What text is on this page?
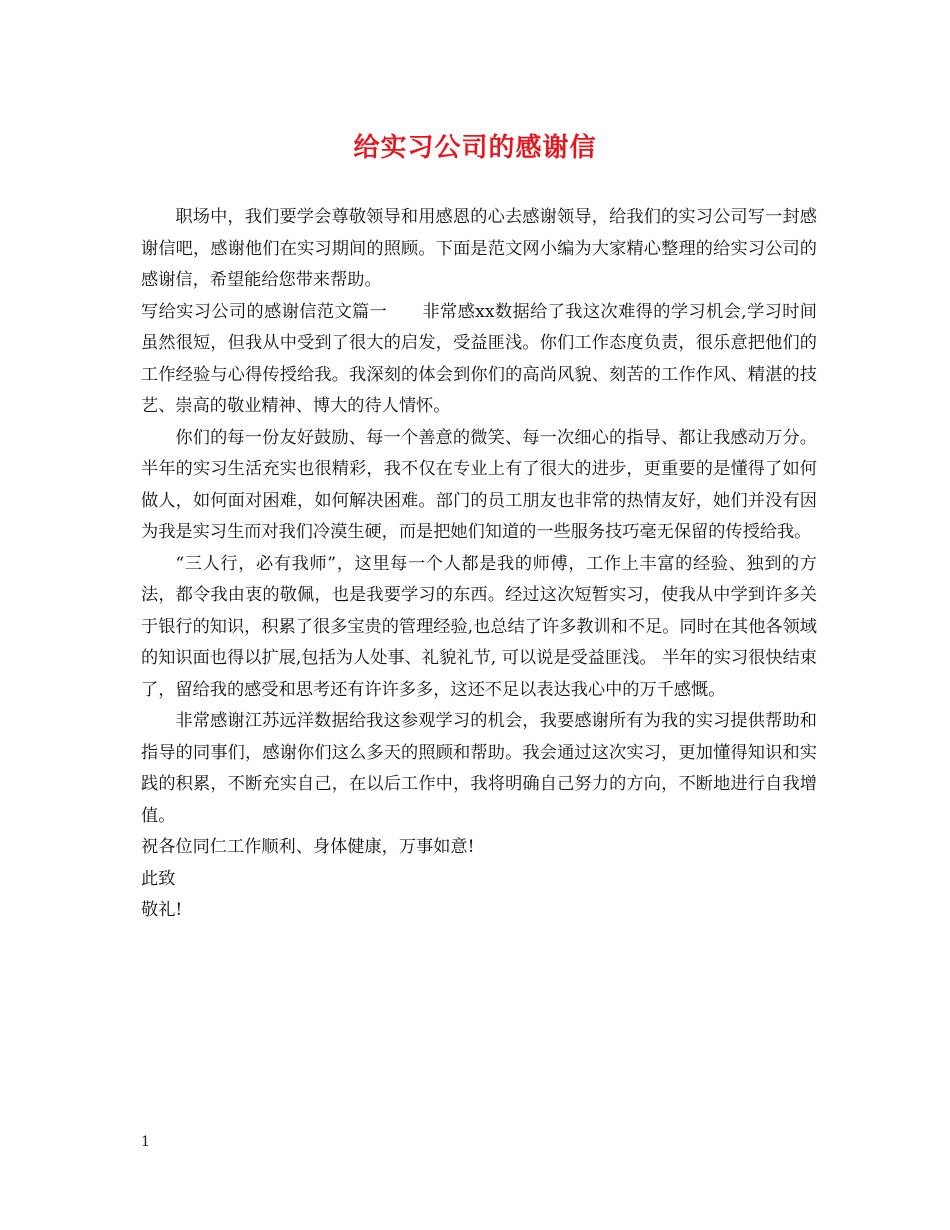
给实习公司的感谢信

职场中，我们要学会尊敬领导和用感恩的心去感谢领导，给我们的实习公司写一封感谢信吧，感谢他们在实习期间的照顾。下面是范文网小编为大家精心整理的给实习公司的感谢信，希望能给您带来帮助。

写给实习公司的感谢信范文篇一　　非常感xx数据给了我这次难得的学习机会,学习时间虽然很短，但我从中受到了很大的启发，受益匪浅。你们工作态度负责，很乐意把他们的工作经验与心得传授给我。我深刻的体会到你们的高尚风貌、刻苦的工作作风、精湛的技艺、崇高的敬业精神、博大的待人情怀。

你们的每一份友好鼓励、每一个善意的微笑、每一次细心的指导、都让我感动万分。半年的实习生活充实也很精彩，我不仅在专业上有了很大的进步，更重要的是懂得了如何做人，如何面对困难，如何解决困难。部门的员工朋友也非常的热情友好，她们并没有因为我是实习生而对我们冷漠生硬，而是把她们知道的一些服务技巧毫无保留的传授给我。

“三人行，必有我师”，这里每一个人都是我的师傅，工作上丰富的经验、独到的方法，都令我由衷的敬佩，也是我要学习的东西。经过这次短暂实习，使我从中学到许多关于银行的知识，积累了很多宝贵的管理经验,也总结了许多教训和不足。同时在其他各领域的知识面也得以扩展,包括为人处事、礼貌礼节, 可以说是受益匪浅。 半年的实习很快结束了，留给我的感受和思考还有许许多多，这还不足以表达我心中的万千感慨。

非常感谢江苏远洋数据给我这参观学习的机会，我要感谢所有为我的实习提供帮助和指导的同事们，感谢你们这么多天的照顾和帮助。我会通过这次实习，更加懂得知识和实践的积累，不断充实自己，在以后工作中，我将明确自己努力的方向，不断地进行自我增值。

祝各位同仁工作顺利、身体健康，万事如意!

此致

敬礼!

1
